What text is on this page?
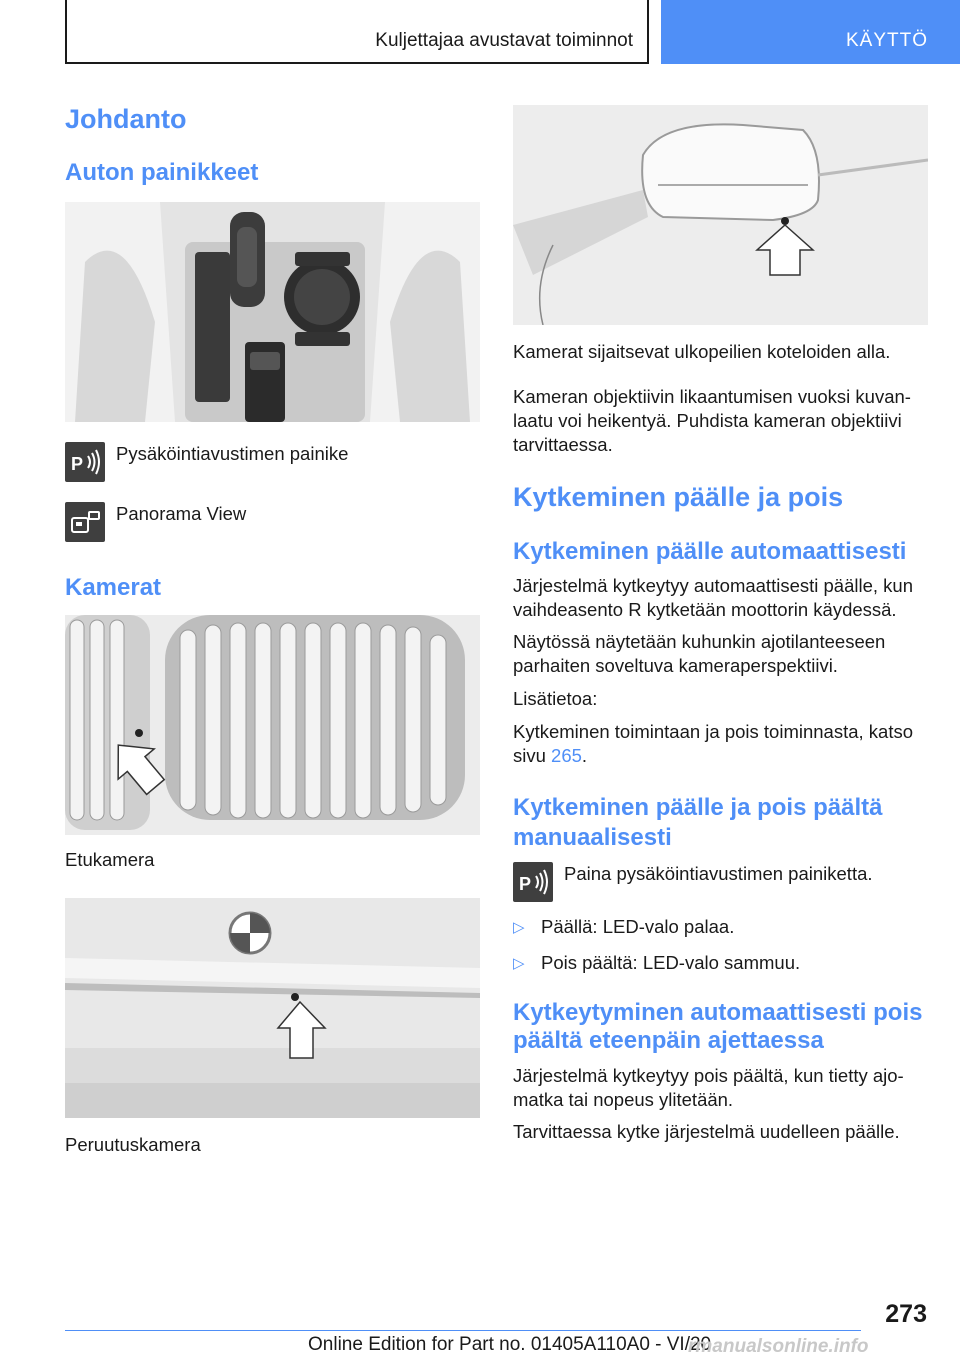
Kuljettajaa avustavat toiminnot	KÄYTTÖ
Johdanto
Auton painikkeet
P Pysäköintiavustimen painike
Panorama View
Kamerat
Etukamera
Peruutuskamera
Kamerat sijaitsevat ulkopeilien koteloiden alla.
Kameran objektiivin likaantumisen vuoksi kuvan-
laatu voi heikentyä. Puhdista kameran objektiivi
tarvittaessa.
Kytkeminen päälle ja pois
Kytkeminen päälle automaattisesti
Järjestelmä kytkeytyy automaattisesti päälle, kun
vaihdeasento R kytketään moottorin käydessä.
Näytössä näytetään kuhunkin ajotilanteeseen
parhaiten soveltuva kameraperspektiivi.
Lisätietoa:
Kytkeminen toimintaan ja pois toiminnasta, katso
sivu 265.
Kytkeminen päälle ja pois päältä
manuaalisesti
P Paina pysäköintiavustimen painiketta.
▷ Päällä: LED-valo palaa.
▷ Pois päältä: LED-valo sammuu.
Kytkeytyminen automaattisesti pois
päältä eteenpäin ajettaessa
Järjestelmä kytkeytyy pois päältä, kun tietty ajo-
matka tai nopeus ylitetään.
Tarvittaessa kytke järjestelmä uudelleen päälle.
273
Online Edition for Part no. 01405A110A0 - VI/20
rmanualsonline.info
